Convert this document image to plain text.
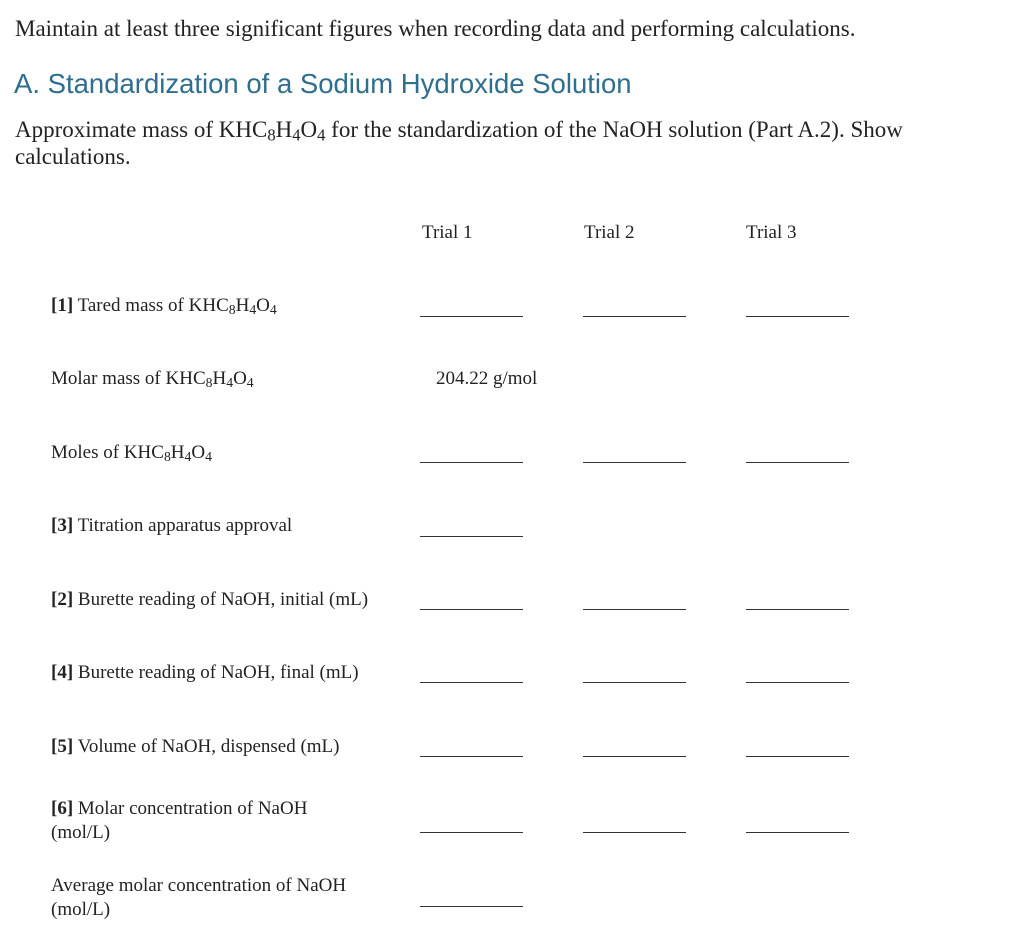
Maintain at least three significant figures when recording data and performing calculations.

A. Standardization of a Sodium Hydroxide Solution

Approximate mass of $KHC_8H_4O_4$ for the standardization of the NaOH solution (Part A.2). Show calculations.

Trial 1	Trial 2	Trial 3
[1] Tared mass of $KHC_8H_4O_4$
Molar mass of $KHC_8H_4O_4$	204.22 g/mol
Moles of $KHC_8H_4O_4$
[3] Titration apparatus approval
[2] Burette reading of NaOH, initial (mL)
[4] Burette reading of NaOH, final (mL)
[5] Volume of NaOH, dispensed (mL)
[6] Molar concentration of NaOH
(mol/L)
Average molar concentration of NaOH
(mol/L)
